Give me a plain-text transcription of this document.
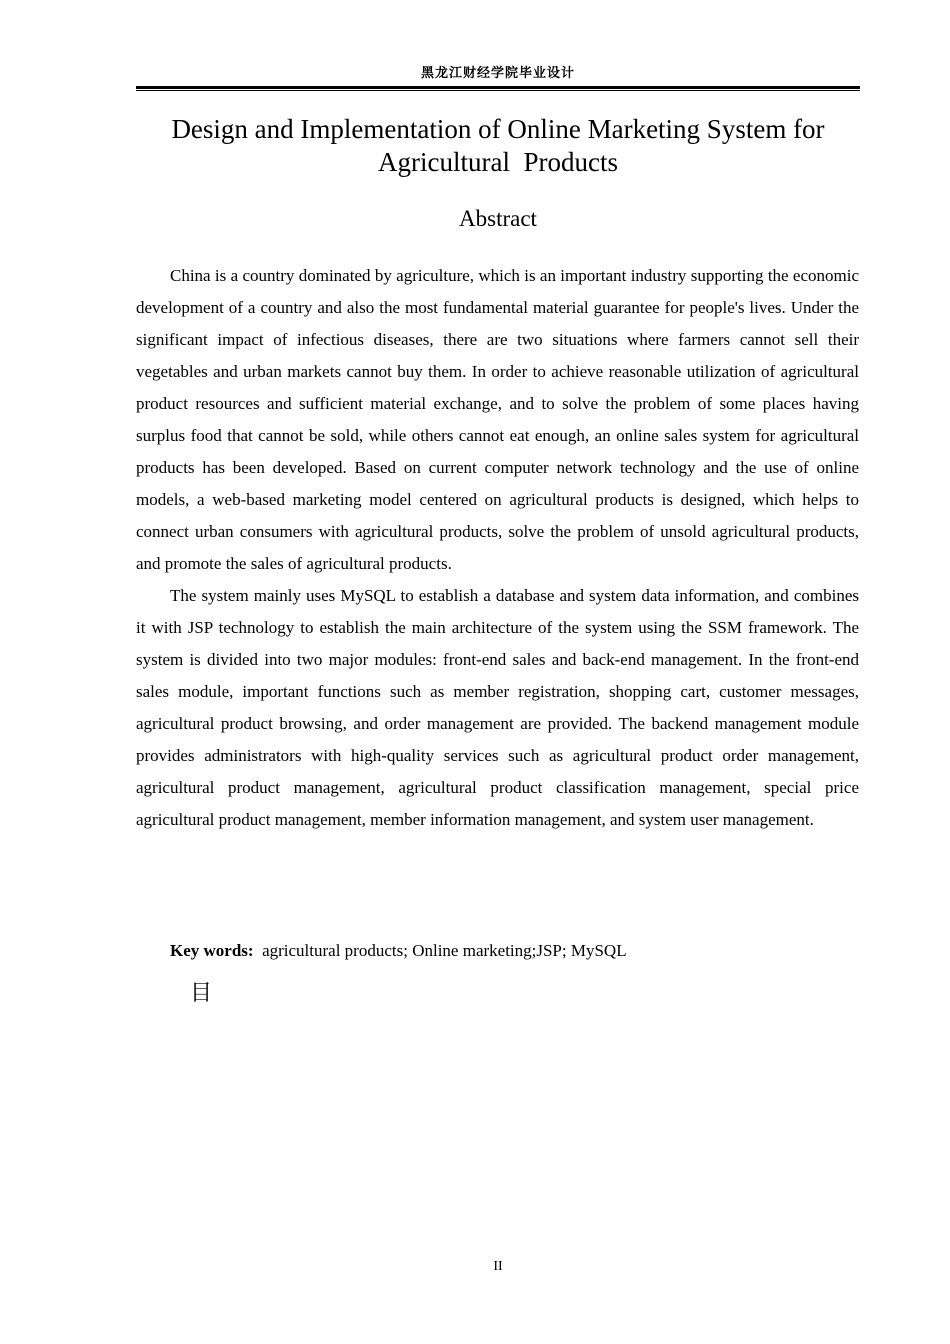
黑龙江财经学院毕业设计
Design and Implementation of Online Marketing System for
Agricultural  Products
Abstract

China is a country dominated by agriculture, which is an important industry supporting the economic development of a country and also the most fundamental material guarantee for people's lives. Under the significant impact of infectious diseases, there are two situations where farmers cannot sell their vegetables and urban markets cannot buy them. In order to achieve reasonable utilization of agricultural product resources and sufficient material exchange, and to solve the problem of some places having surplus food that cannot be sold, while others cannot eat enough, an online sales system for agricultural products has been developed. Based on current computer network technology and the use of online models, a web-based marketing model centered on agricultural products is designed, which helps to connect urban consumers with agricultural products, solve the problem of unsold agricultural products, and promote the sales of agricultural products.

The system mainly uses MySQL to establish a database and system data information, and combines it with JSP technology to establish the main architecture of the system using the SSM framework. The system is divided into two major modules: front-end sales and back-end management. In the front-end sales module, important functions such as member registration, shopping cart, customer messages, agricultural product browsing, and order management are provided. The backend management module provides administrators with high-quality services such as agricultural product order management, agricultural product management, agricultural product classification management, special price agricultural product management, member information management, and system user management.

Key words: agricultural products; Online marketing;JSP; MySQL
目
II
